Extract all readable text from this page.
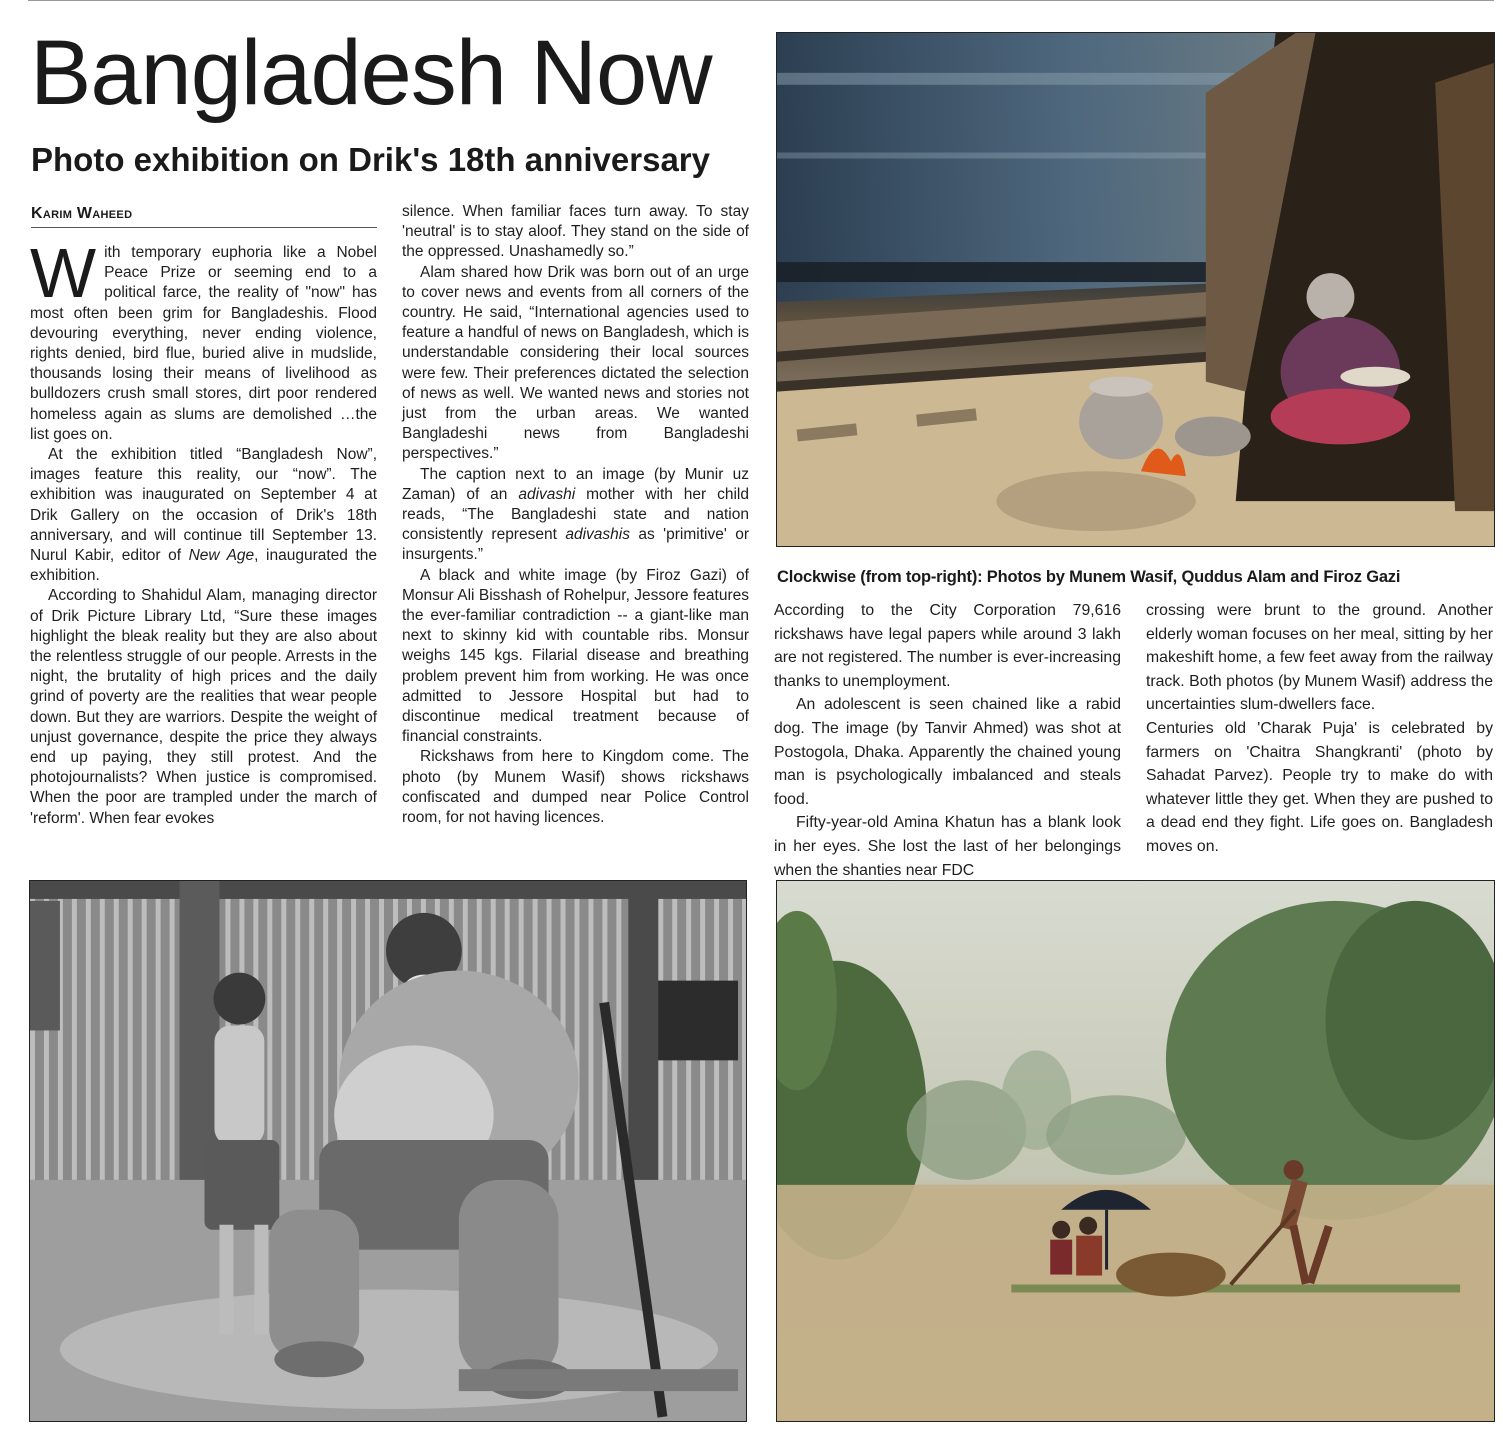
Bangladesh Now
Photo exhibition on Drik's 18th anniversary
Karim Waheed

With temporary euphoria like a Nobel Peace Prize or seeming end to a political farce, the reality of "now" has most often been grim for Bangladeshis. Flood devouring everything, never ending violence, rights denied, bird flue, buried alive in mudslide, thousands losing their means of livelihood as bulldozers crush small stores, dirt poor rendered homeless again as slums are demolished …the list goes on.

At the exhibition titled “Bangladesh Now”, images feature this reality, our “now”. The exhibition was inaugurated on September 4 at Drik Gallery on the occasion of Drik's 18th anniversary, and will continue till September 13. Nurul Kabir, editor of New Age, inaugurated the exhibition.

According to Shahidul Alam, managing director of Drik Picture Library Ltd, “Sure these images highlight the bleak reality but they are also about the relentless struggle of our people. Arrests in the night, the brutality of high prices and the daily grind of poverty are the realities that wear people down. But they are warriors. Despite the weight of unjust governance, despite the price they always end up paying, they still protest. And the photojournalists? When justice is compromised. When the poor are trampled under the march of 'reform'. When fear evokes

silence. When familiar faces turn away. To stay 'neutral' is to stay aloof. They stand on the side of the oppressed. Unashamedly so.”

Alam shared how Drik was born out of an urge to cover news and events from all corners of the country. He said, “International agencies used to feature a handful of news on Bangladesh, which is understandable considering their local sources were few. Their preferences dictated the selection of news as well. We wanted news and stories not just from the urban areas. We wanted Bangladeshi news from Bangladeshi perspectives.”

The caption next to an image (by Munir uz Zaman) of an adivashi mother with her child reads, “The Bangladeshi state and nation consistently represent adivashis as 'primitive' or insurgents.”

A black and white image (by Firoz Gazi) of Monsur Ali Bisshash of Rohelpur, Jessore features the ever-familiar contradiction -- a giant-like man next to skinny kid with countable ribs. Monsur weighs 145 kgs. Filarial disease and breathing problem prevent him from working. He was once admitted to Jessore Hospital but had to discontinue medical treatment because of financial constraints.

Rickshaws from here to Kingdom come. The photo (by Munem Wasif) shows rickshaws confiscated and dumped near Police Control room, for not having licences.

According to the City Corporation 79,616 rickshaws have legal papers while around 3 lakh are not registered. The number is ever-increasing thanks to unemployment.

An adolescent is seen chained like a rabid dog. The image (by Tanvir Ahmed) was shot at Postogola, Dhaka. Apparently the chained young man is psychologically imbalanced and steals food.

Fifty-year-old Amina Khatun has a blank look in her eyes. She lost the last of her belongings when the shanties near FDC

crossing were brunt to the ground. Another elderly woman focuses on her meal, sitting by her makeshift home, a few feet away from the railway track. Both photos (by Munem Wasif) address the uncertainties slum-dwellers face.

Centuries old 'Charak Puja' is celebrated by farmers on 'Chaitra Shangkranti' (photo by Sahadat Parvez). People try to make do with whatever little they get. When they are pushed to a dead end they fight. Life goes on. Bangladesh moves on.

Clockwise (from top-right): Photos by Munem Wasif, Quddus Alam and Firoz Gazi
